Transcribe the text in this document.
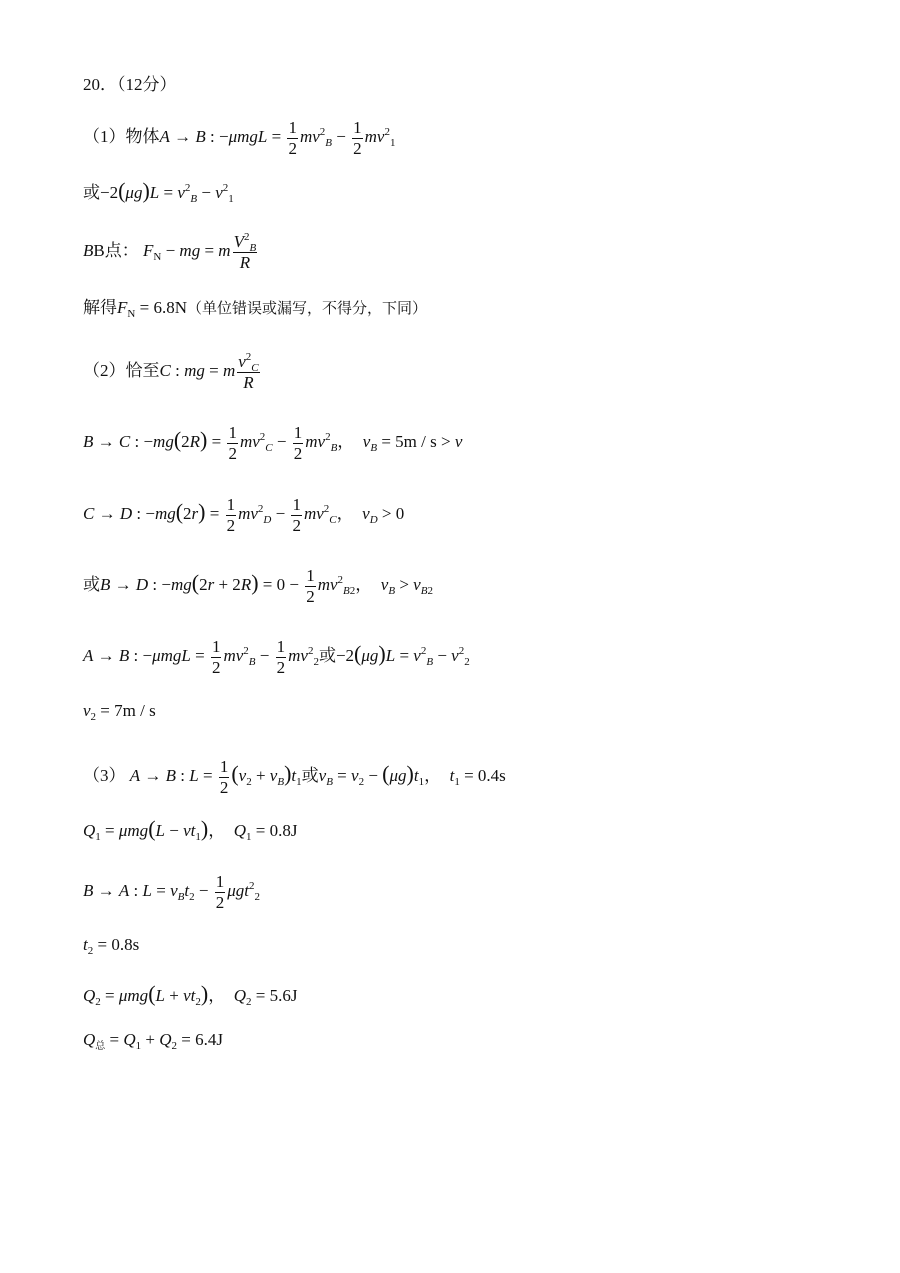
20．（12分）
（1）物体A → B : $-\mu mgL = \frac{1}{2} mv^2_B - \frac{1}{2} mv^2_1$
或$-2(\mu g)L = v^2_B - v^2_1$
BB点： $F_N$ − mg = m $\frac{V^2_B}{R}$
解得$F_N = 6.8N$（单位错误或漏写，不得分，下同）
（2）恰至C : mg = m $\frac{v^2_C}{R}$
B → C : $-mg(2R) = \frac{1}{2} mv^2_C - \frac{1}{2} mv^2_B$， $v_B = 5m / s > v$
C → D : $-mg(2r) = \frac{1}{2} mv^2_D - \frac{1}{2} mv^2_C$， $v_D > 0$
或B → D : $-mg(2r + 2R) = 0 - \frac{1}{2} mv^2_{B2}$， $v_B > v_{B2}$
A → B : $-\mu mgL = \frac{1}{2} mv^2_B - \frac{1}{2} mv^2_2$或$-2(\mu g)L = v^2_B - v^2_2$
$v_2 = 7m / s$
（3） A → B : $L = \frac{1}{2} (v_2 + v_B)t_1$或$v_B = v_2 - (\mu g)t_1$， $t_1 = 0.4s$
$Q_1 = \mu mg(L - vt_1)$， $Q_1 = 0.8J$
B → A : $L = v_Bt_2 - \frac{1}{2} \mu gt^2_2$
$t_2 = 0.8s$
$Q_2 = \mu mg(L + vt_2)$， $Q_2 = 5.6J$
$Q_总 = Q_1 + Q_2 = 6.4J$
